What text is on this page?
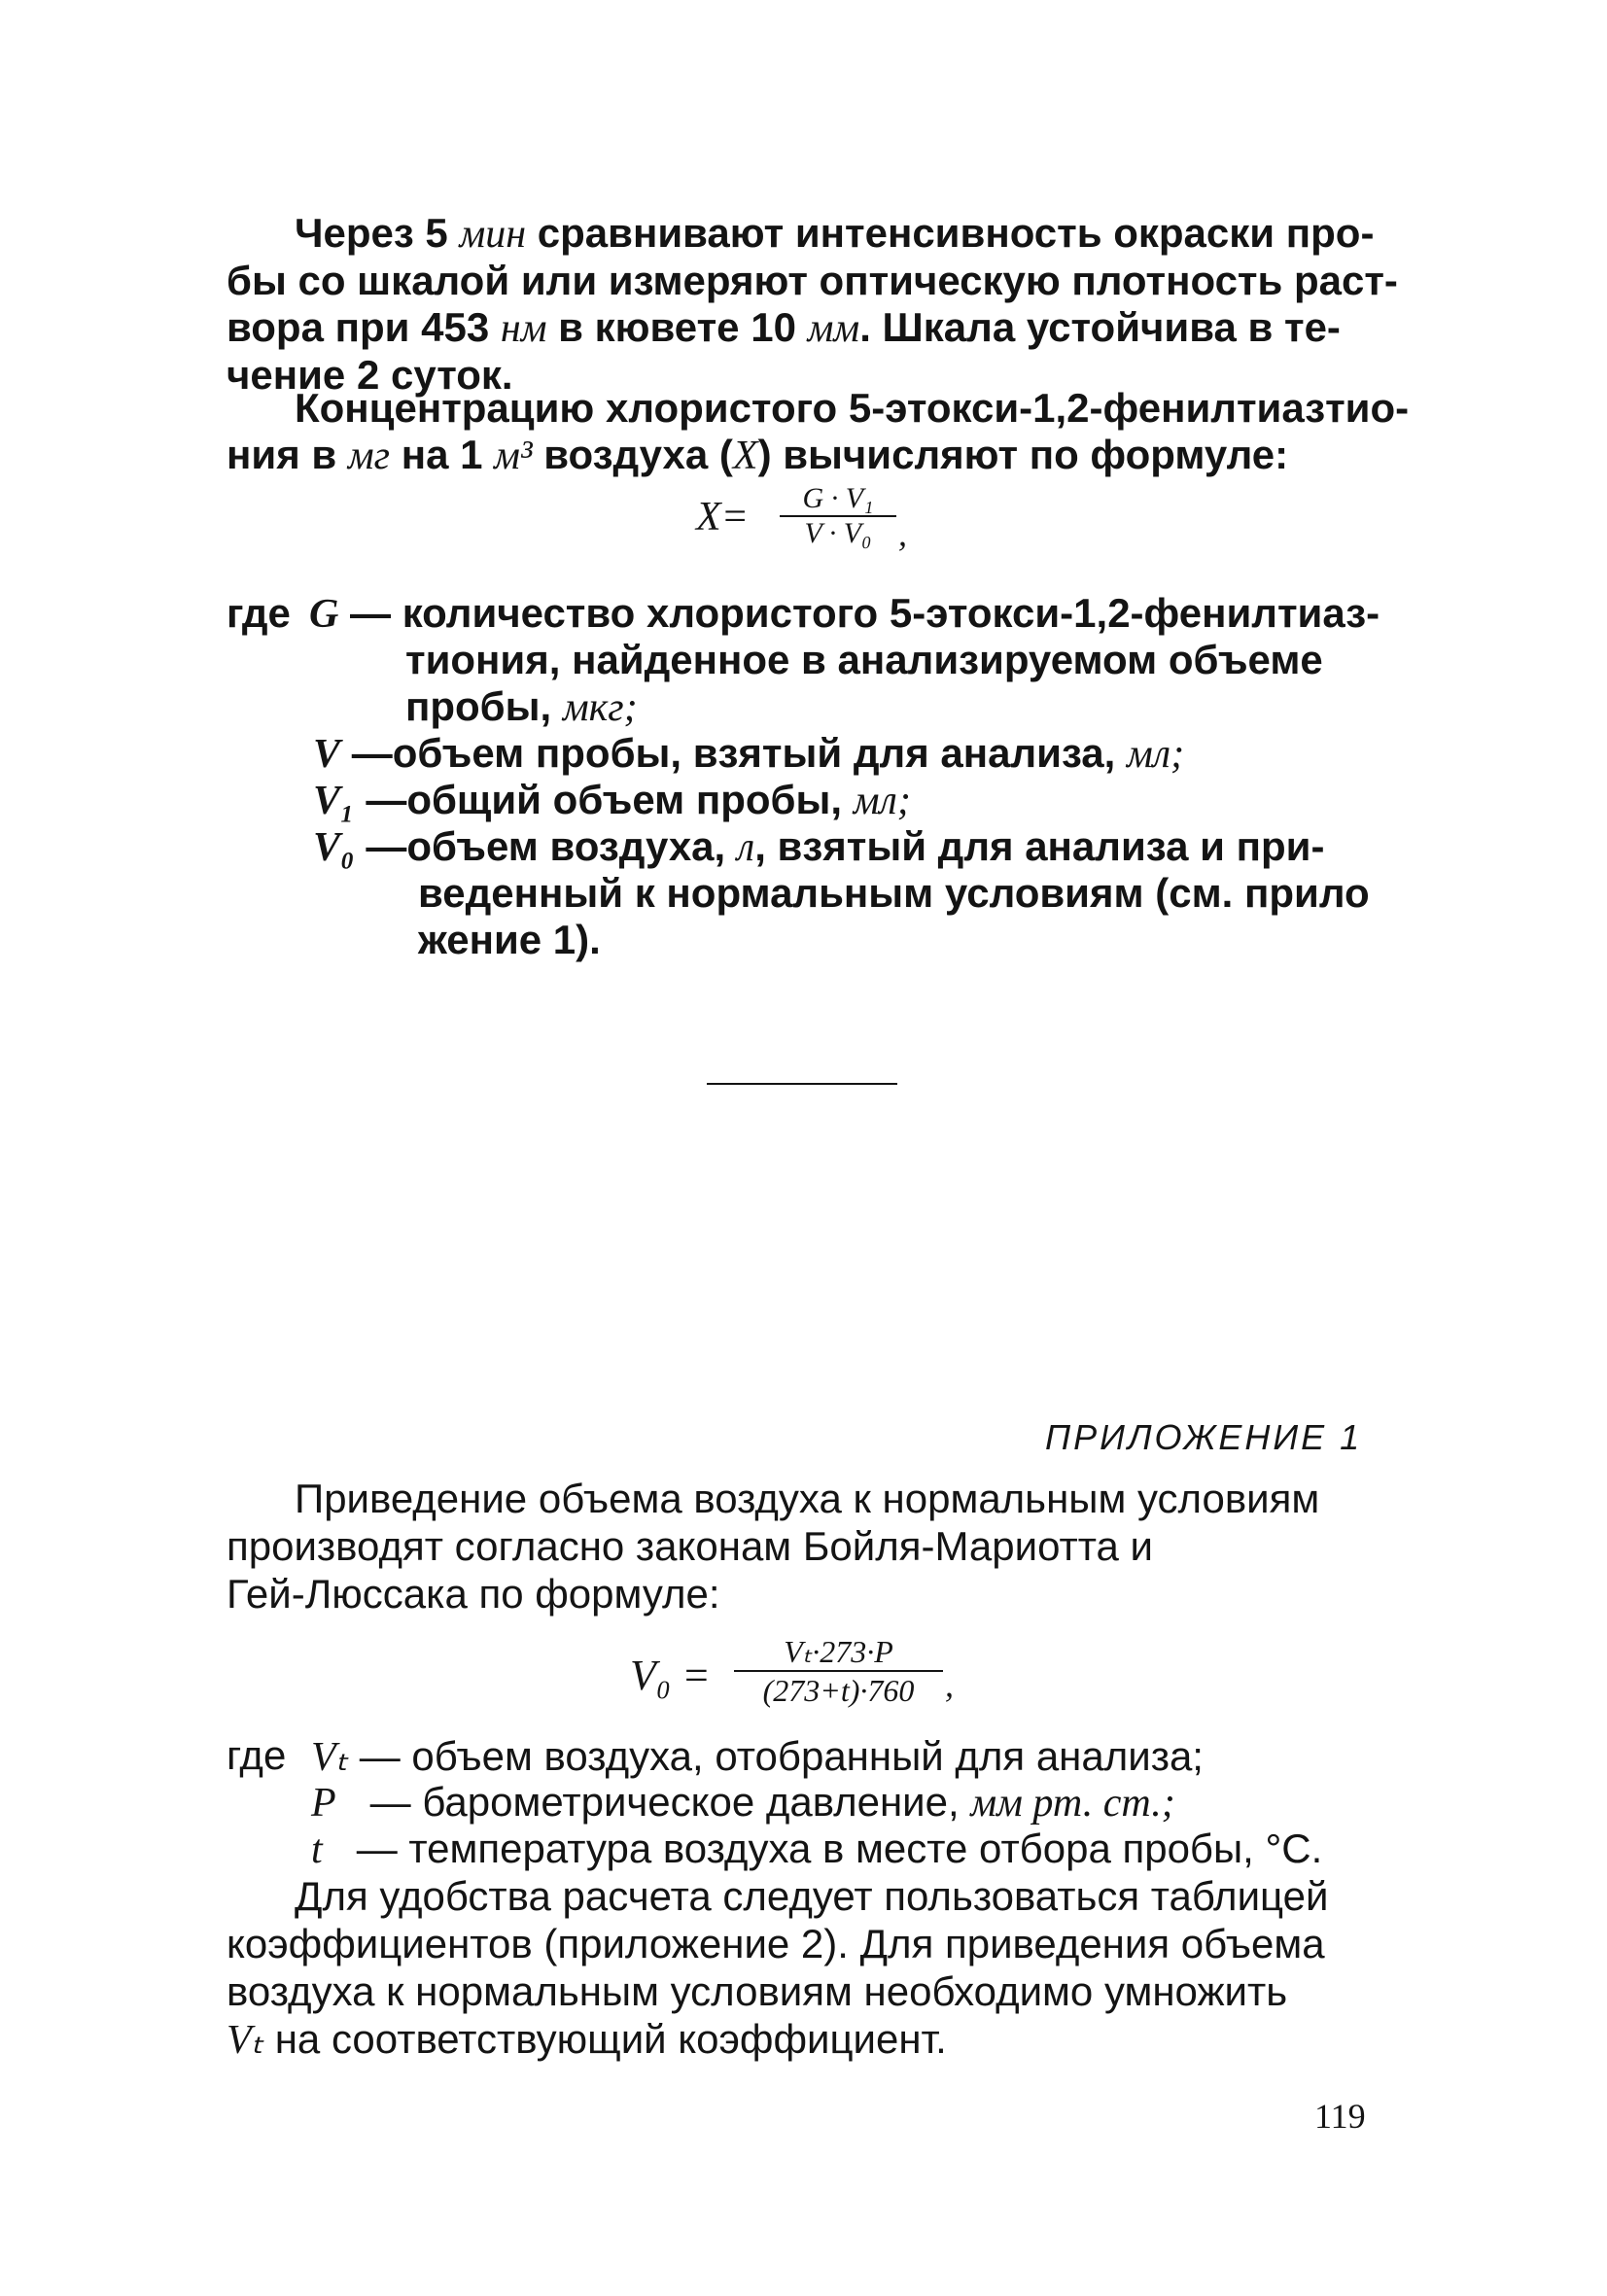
Через 5 мин сравнивают интенсивность окраски про-
бы со шкалой или измеряют оптическую плотность раст-
вора при 453 нм в кювете 10 мм. Шкала устойчива в те-
чение 2 суток.
Концентрацию хлористого 5-этокси-1,2-фенилтиазтио-
ния в мг на 1 м³ воздуха (X) вычисляют по формуле:
X=	G · V₁
V · V₀ ,
где G — количество хлористого 5-этокси-1,2-фенилтиаз-
тиония, найденное в анализируемом объеме
пробы, мкг;
V —объем пробы, взятый для анализа, мл;
V₁ —общий объем пробы, мл;
V₀ —объем воздуха, л, взятый для анализа и при-
веденный к нормальным условиям (см. прило
жение 1).
ПРИЛОЖЕНИЕ 1
Приведение объема воздуха к нормальным условиям
производят согласно законам Бойля-Мариотта и
Гей-Люссака по формуле:
V₀ =	Vₜ·273·P
(273+t)·760 ,
где Vₜ — объем воздуха, отобранный для анализа;
P — барометрическое давление, мм рт. ст.;
t — температура воздуха в месте отбора пробы, °С.
Для удобства расчета следует пользоваться таблицей
коэффициентов (приложение 2). Для приведения объема
воздуха к нормальным условиям необходимо умножить
Vₜ на соответствующий коэффициент.
119
